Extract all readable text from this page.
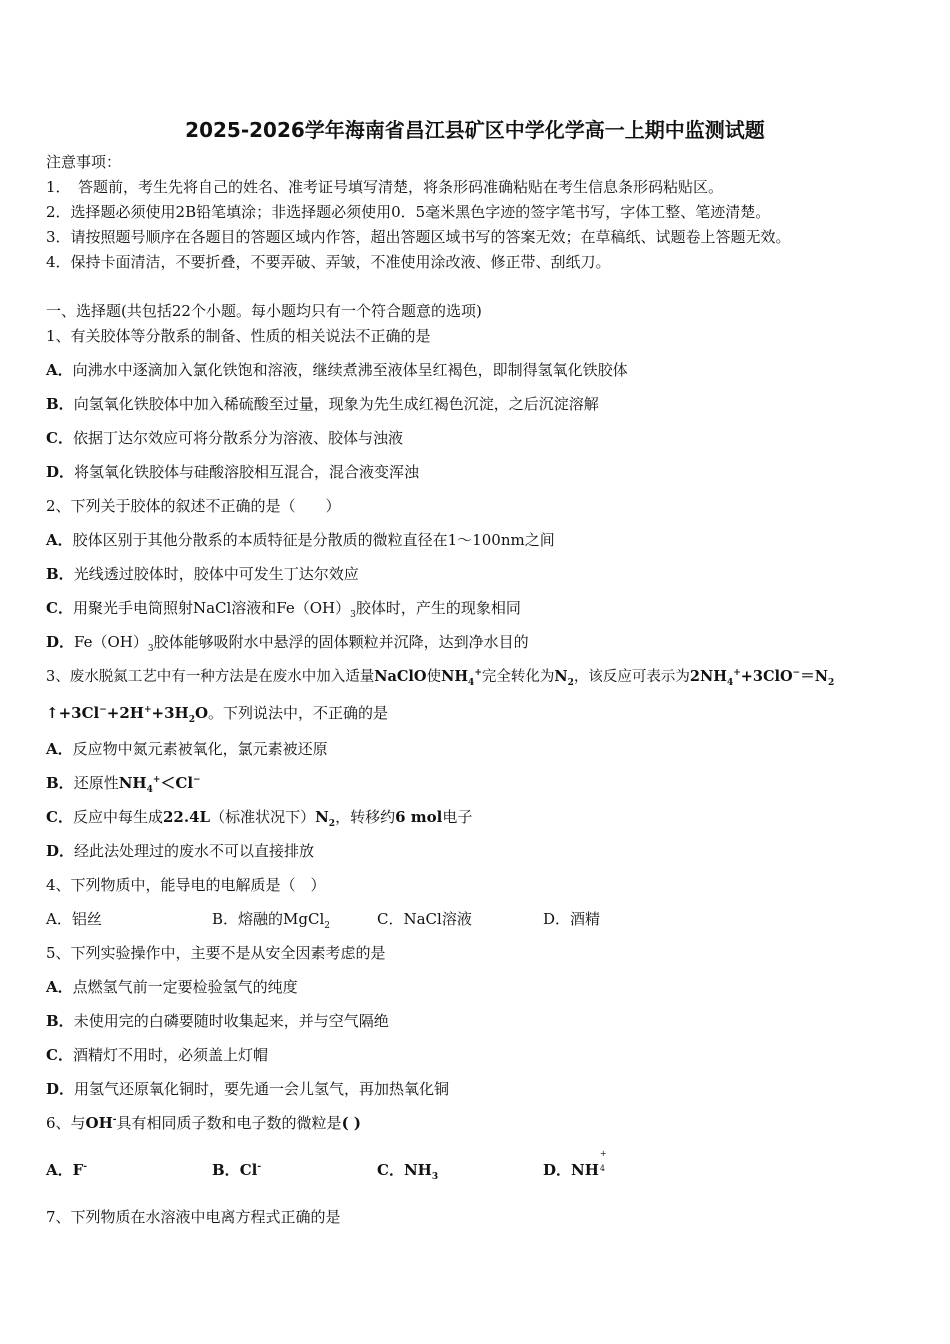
2025-2026学年海南省昌江县矿区中学化学高一上期中监测试题
注意事项：
1．　答题前，考生先将自己的姓名、准考证号填写清楚，将条形码准确粘贴在考生信息条形码粘贴区。
2．选择题必须使用2B铅笔填涂；非选择题必须使用0．5毫米黑色字迹的签字笔书写，字体工整、笔迹清楚。
3．请按照题号顺序在各题目的答题区域内作答，超出答题区域书写的答案无效；在草稿纸、试题卷上答题无效。
4．保持卡面清洁，不要折叠，不要弄破、弄皱，不准使用涂改液、修正带、刮纸刀。
一、选择题(共包括22个小题。每小题均只有一个符合题意的选项)
1、有关胶体等分散系的制备、性质的相关说法不正确的是
A．向沸水中逐滴加入氯化铁饱和溶液，继续煮沸至液体呈红褐色，即制得氢氧化铁胶体
B．向氢氧化铁胶体中加入稀硫酸至过量，现象为先生成红褐色沉淀，之后沉淀溶解
C．依据丁达尔效应可将分散系分为溶液、胶体与浊液
D．将氢氧化铁胶体与硅酸溶胶相互混合，混合液变浑浊
2、下列关于胶体的叙述不正确的是（　　）
A．胶体区别于其他分散系的本质特征是分散质的微粒直径在1～100nm之间
B．光线透过胶体时，胶体中可发生丁达尔效应
C．用聚光手电筒照射NaCl溶液和$Fe(OH)_3$胶体时，产生的现象相同
D．$Fe(OH)_3$胶体能够吸附水中悬浮的固体颗粒并沉降，达到净水目的
3、废水脱氮工艺中有一种方法是在废水中加入适量NaClO使$NH_4^+$完全转化为$N_2$，该反应可表示为$2NH_4^++3ClO^-=N_2$
$↑+3Cl^-+2H^++3H_2O$。下列说法中，不正确的是
A．反应物中氮元素被氧化，氯元素被还原
B．还原性$NH_4^+<Cl^-$
C．反应中每生成22.4L（标准状况下）$N_2$，转移约6 mol电子
D．经此法处理过的废水不可以直接排放
4、下列物质中，能导电的电解质是（　）
A．铝丝	B．熔融的MgCl$_2$	C．NaCl溶液	D．酒精
5、下列实验操作中，主要不是从安全因素考虑的是
A．点燃氢气前一定要检验氢气的纯度
B．未使用完的白磷要随时收集起来，并与空气隔绝
C．酒精灯不用时，必须盖上灯帽
D．用氢气还原氧化铜时，要先通一会儿氢气，再加热氧化铜
6、与OH-具有相同质子数和电子数的微粒是( )
A．F-	B．Cl-	C．$NH_3$	D．NH
+
4
7、下列物质在水溶液中电离方程式正确的是
